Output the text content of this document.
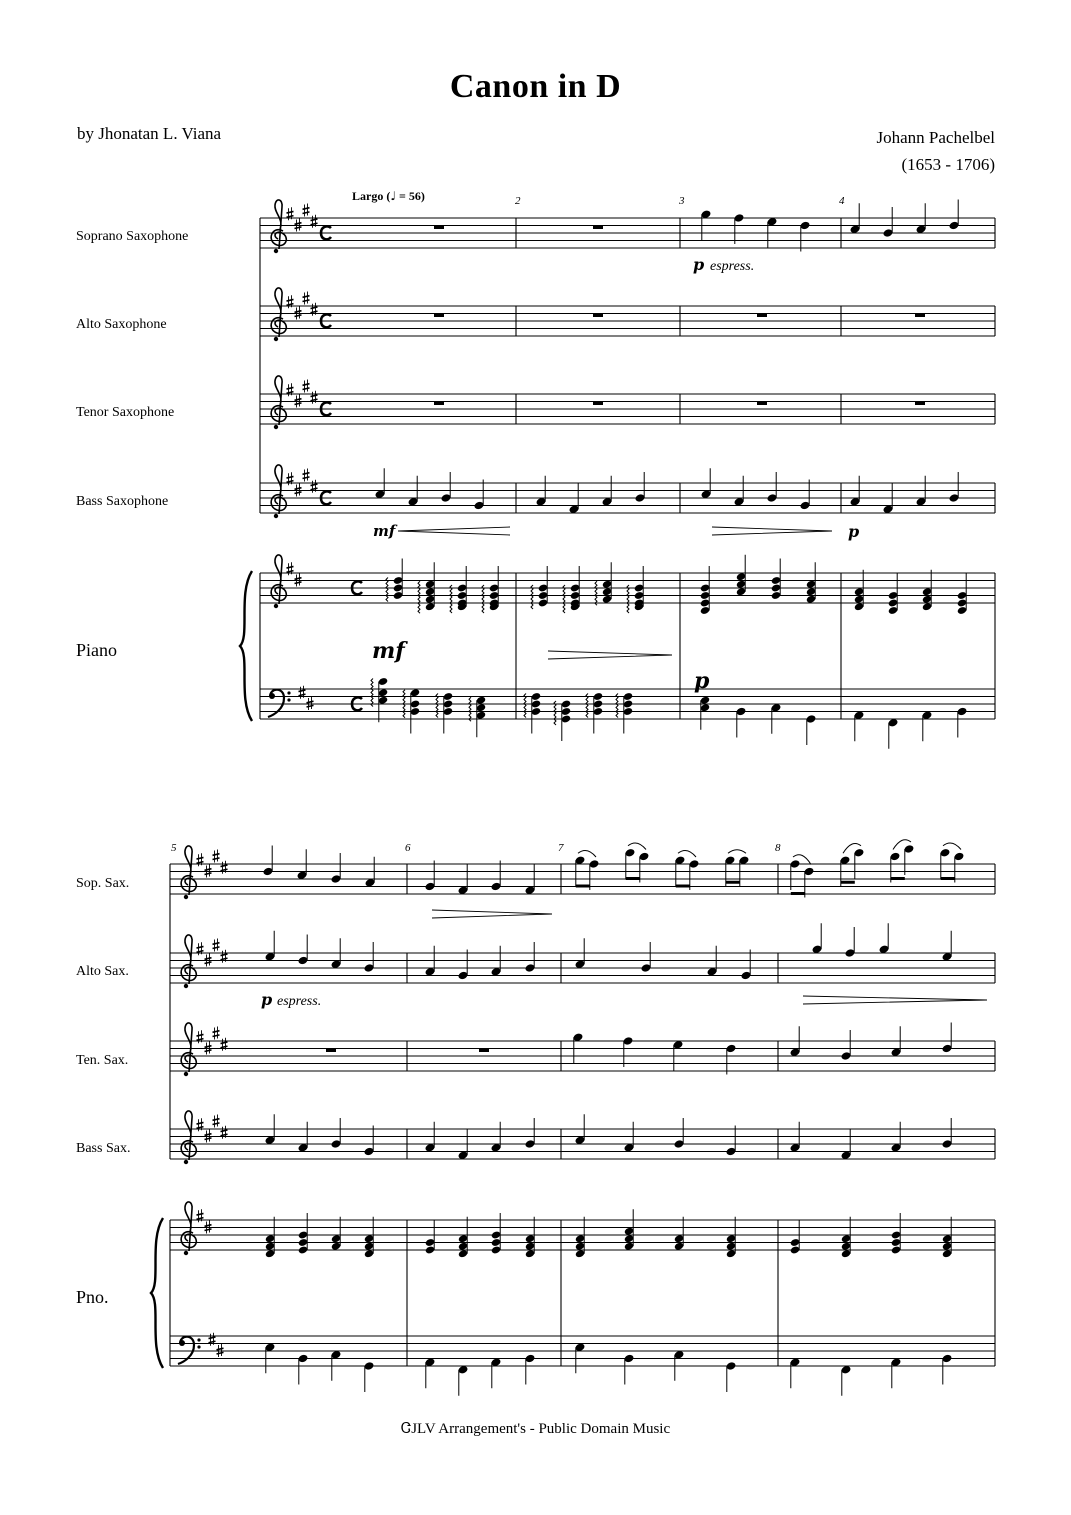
Canon in D
by Jhonatan L. Viana	Johann Pachelbel
(1653 - 1706)
Largo (♩ = 56)
Soprano Saxophone
Alto Saxophone
Tenor Saxophone
Bass Saxophone
Piano
2	3	4
Sop. Sax.
Alto Sax.
Ten. Sax.
Bass Sax.
Pno.
5	6	7	8
p espress.
mf	p
mf
p
p espress.
ᏣJLV Arrangement's - Public Domain Music
